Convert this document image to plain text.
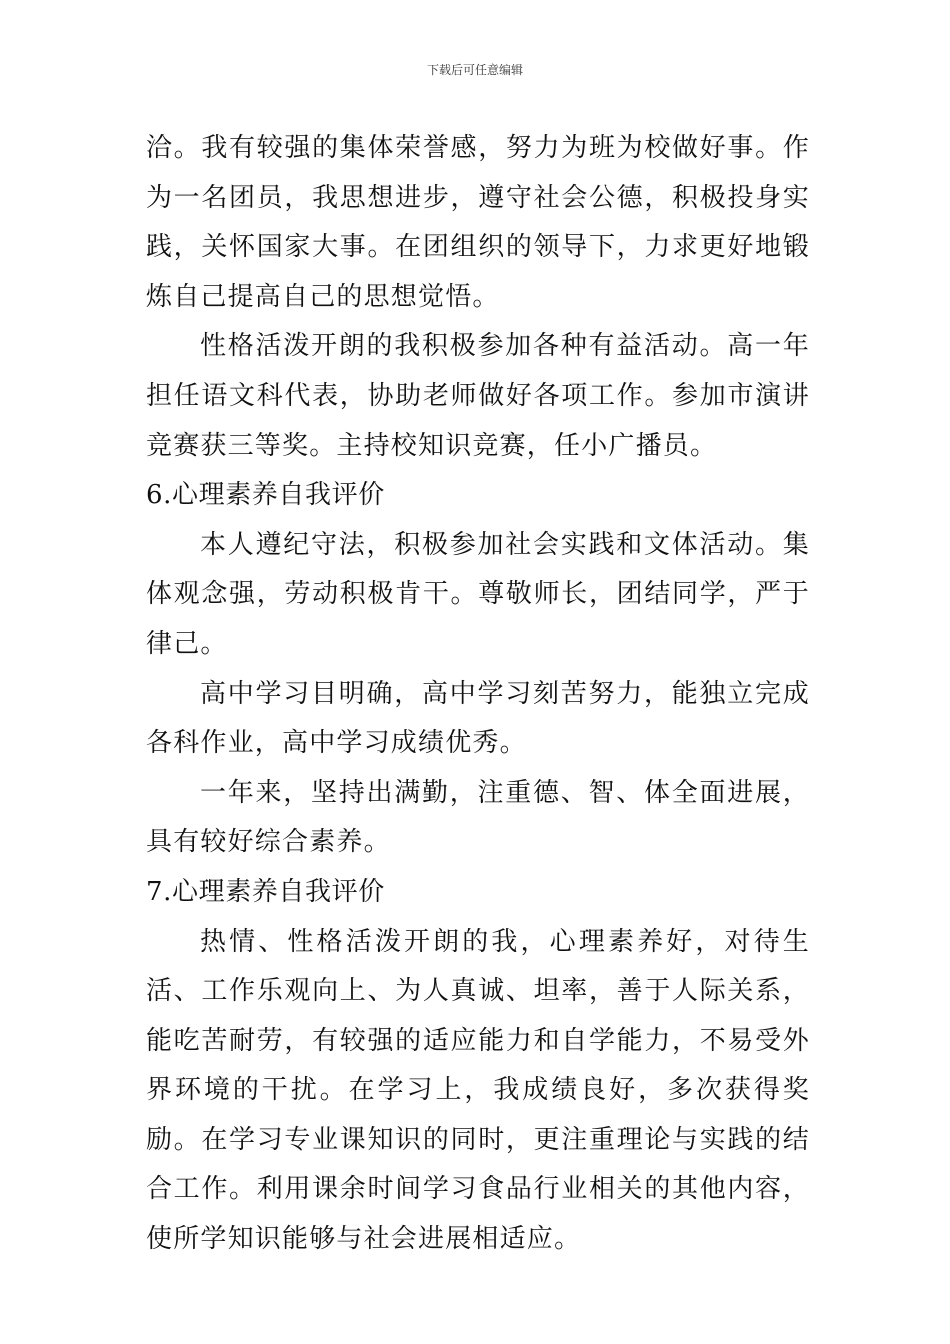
下载后可任意编辑

洽。我有较强的集体荣誉感，努力为班为校做好事。作为一名团员，我思想进步，遵守社会公德，积极投身实践，关怀国家大事。在团组织的领导下，力求更好地锻炼自己提高自己的思想觉悟。

性格活泼开朗的我积极参加各种有益活动。高一年担任语文科代表，协助老师做好各项工作。参加市演讲竞赛获三等奖。主持校知识竞赛，任小广播员。

6.心理素养自我评价

本人遵纪守法，积极参加社会实践和文体活动。集体观念强，劳动积极肯干。尊敬师长，团结同学，严于律己。

高中学习目明确，高中学习刻苦努力，能独立完成各科作业，高中学习成绩优秀。

一年来，坚持出满勤，注重德、智、体全面进展，具有较好综合素养。

7.心理素养自我评价

热情、性格活泼开朗的我，心理素养好，对待生活、工作乐观向上、为人真诚、坦率，善于人际关系，能吃苦耐劳，有较强的适应能力和自学能力，不易受外界环境的干扰。在学习上，我成绩良好，多次获得奖励。在学习专业课知识的同时，更注重理论与实践的结合工作。利用课余时间学习食品行业相关的其他内容，使所学知识能够与社会进展相适应。
